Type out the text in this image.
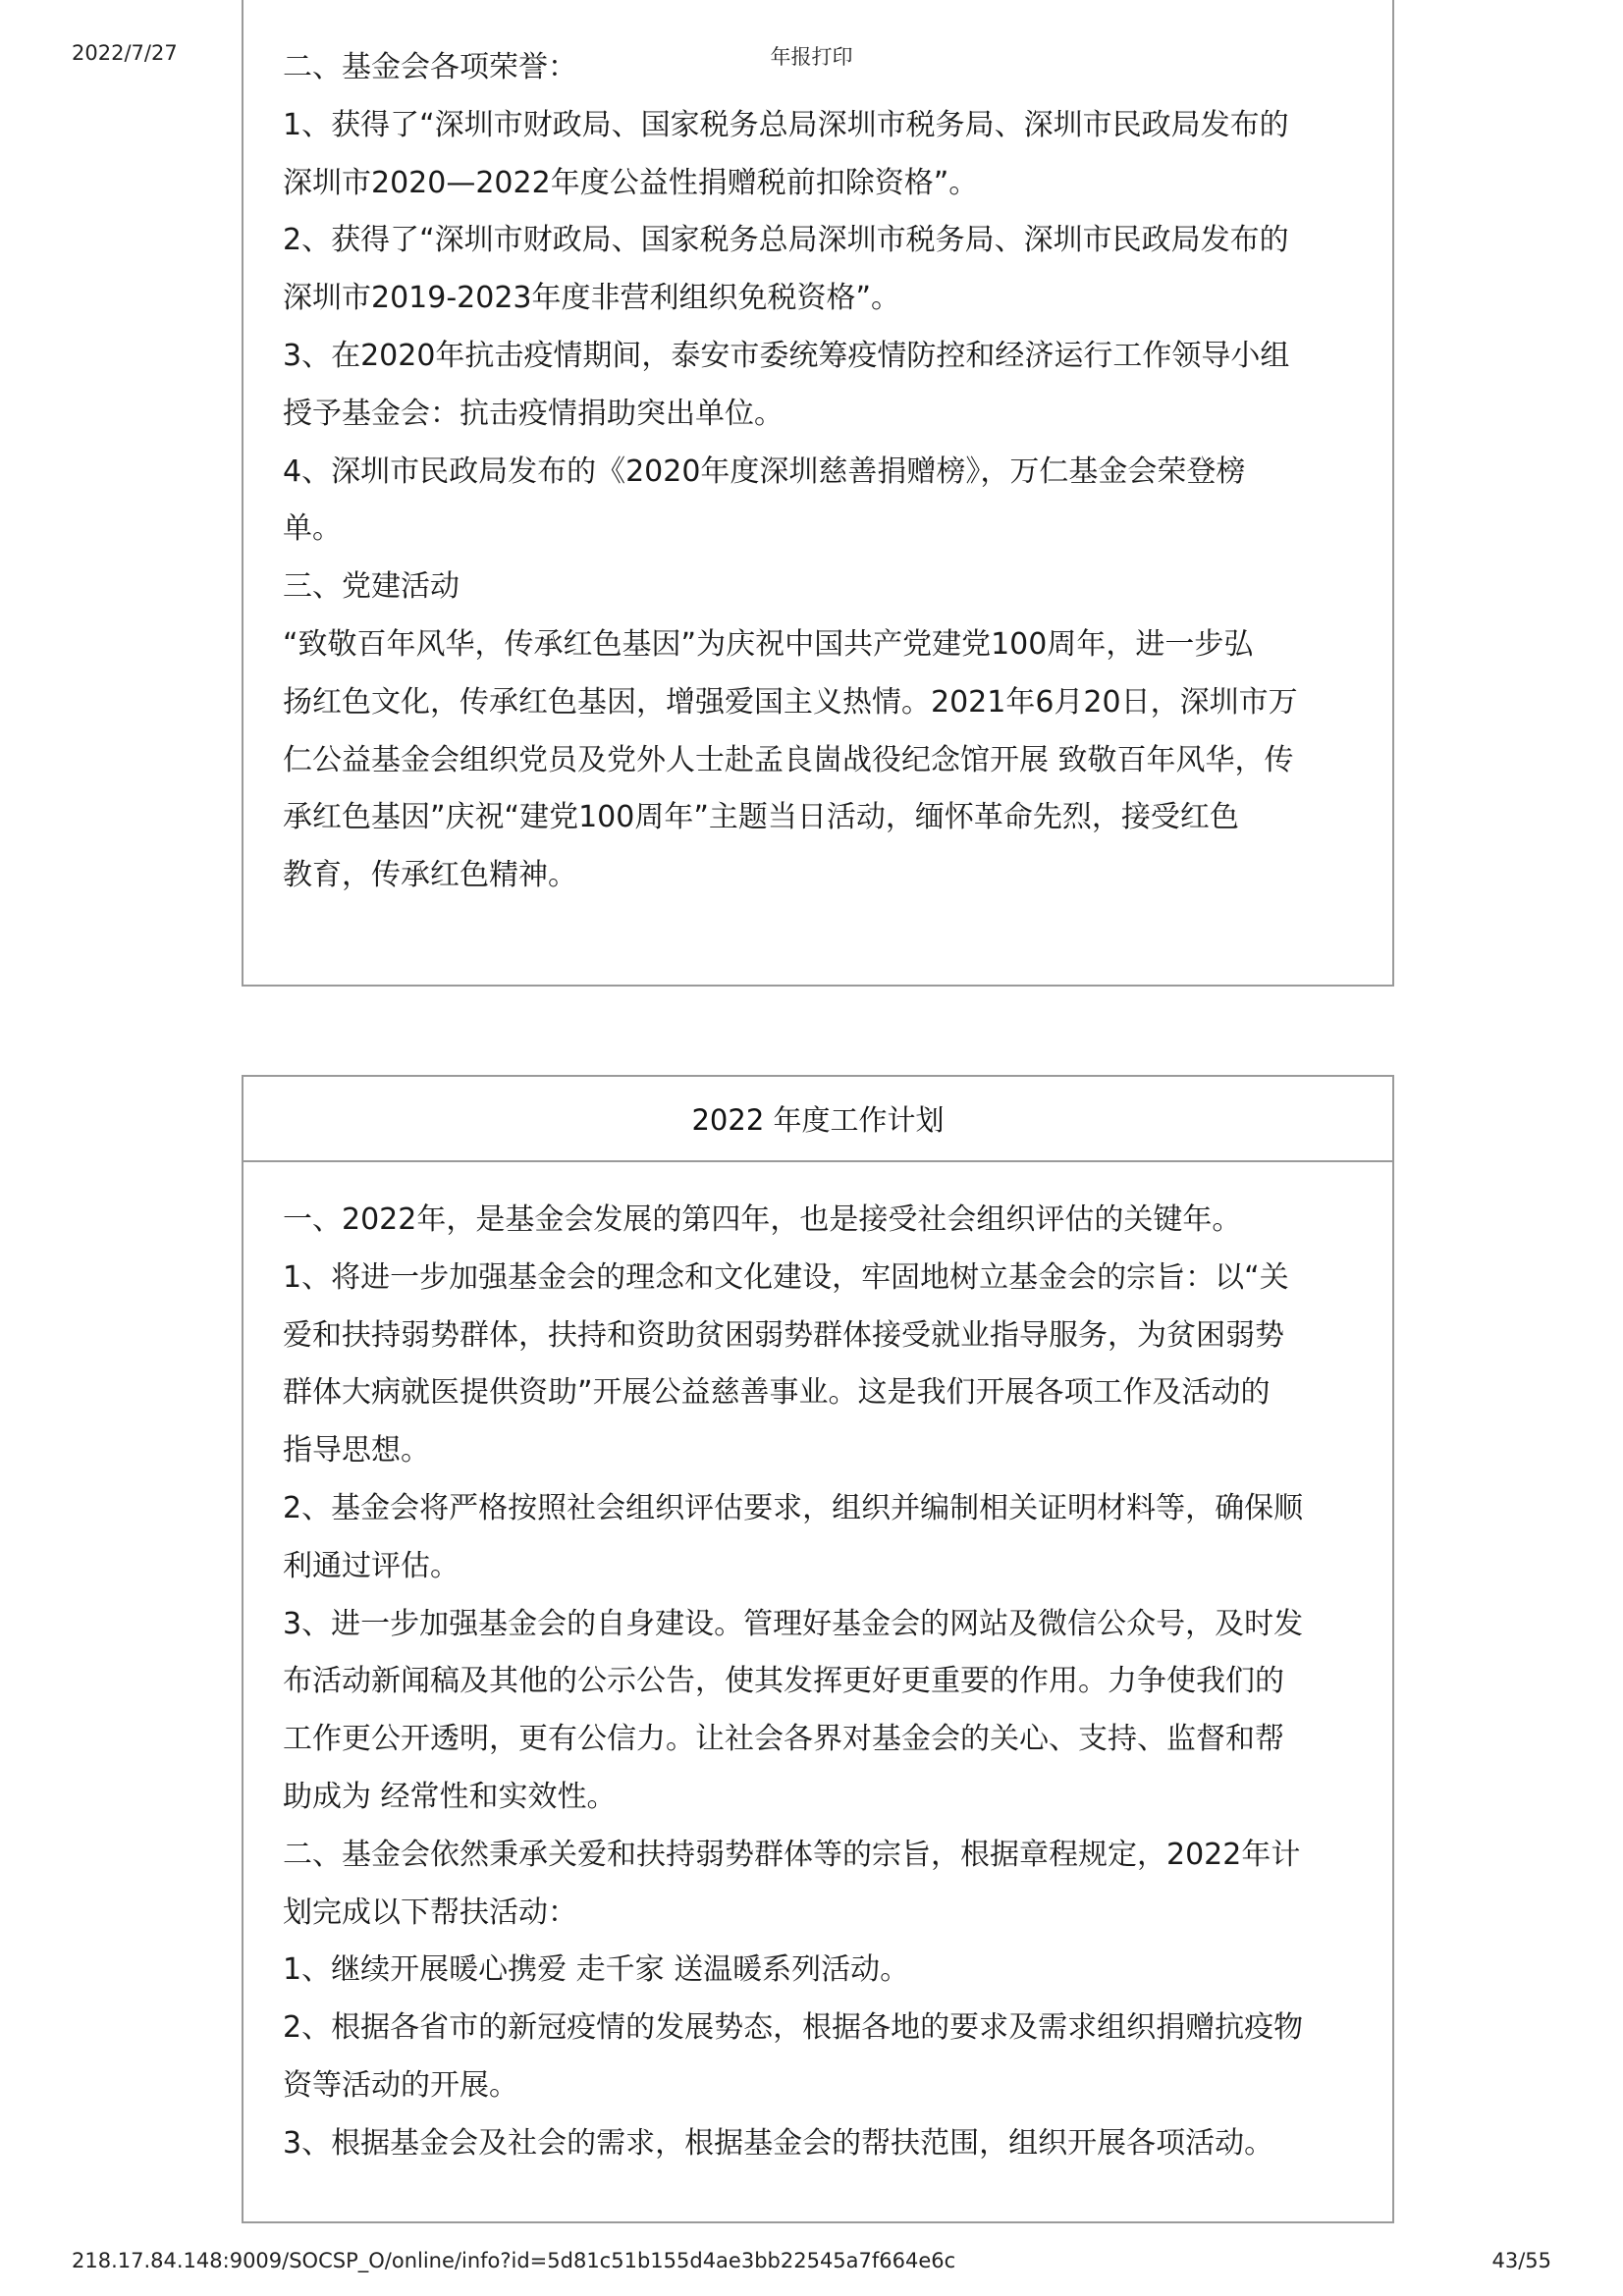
2022/7/27	年报打印

二、基金会各项荣誉：

1、获得了“深圳市财政局、国家税务总局深圳市税务局、深圳市民政局发布的

深圳市2020—2022年度公益性捐赠税前扣除资格”。

2、获得了“深圳市财政局、国家税务总局深圳市税务局、深圳市民政局发布的

深圳市2019-2023年度非营利组织免税资格”。

3、在2020年抗击疫情期间，泰安市委统筹疫情防控和经济运行工作领导小组

授予基金会：抗击疫情捐助突出单位。

4、深圳市民政局发布的《2020年度深圳慈善捐赠榜》，万仁基金会荣登榜

单。

三、党建活动

“致敬百年风华，传承红色基因”为庆祝中国共产党建党100周年，进一步弘

扬红色文化，传承红色基因，增强爱国主义热情。2021年6月20日，深圳市万

仁公益基金会组织党员及党外人士赴孟良崮战役纪念馆开展 致敬百年风华，传

承红色基因”庆祝“建党100周年”主题当日活动，缅怀革命先烈，接受红色

教育，传承红色精神。

2022 年度工作计划

一、2022年，是基金会发展的第四年，也是接受社会组织评估的关键年。

1、将进一步加强基金会的理念和文化建设，牢固地树立基金会的宗旨：以“关

爱和扶持弱势群体，扶持和资助贫困弱势群体接受就业指导服务，为贫困弱势

群体大病就医提供资助”开展公益慈善事业。这是我们开展各项工作及活动的

指导思想。

2、基金会将严格按照社会组织评估要求，组织并编制相关证明材料等，确保顺

利通过评估。

3、进一步加强基金会的自身建设。管理好基金会的网站及微信公众号，及时发

布活动新闻稿及其他的公示公告，使其发挥更好更重要的作用。力争使我们的

工作更公开透明，更有公信力。让社会各界对基金会的关心、支持、监督和帮

助成为 经常性和实效性。

二、基金会依然秉承关爱和扶持弱势群体等的宗旨，根据章程规定，2022年计

划完成以下帮扶活动：

1、继续开展暖心携爱 走千家 送温暖系列活动。

2、根据各省市的新冠疫情的发展势态，根据各地的要求及需求组织捐赠抗疫物

资等活动的开展。

3、根据基金会及社会的需求，根据基金会的帮扶范围，组织开展各项活动。

218.17.84.148:9009/SOCSP_O/online/info?id=5d81c51b155d4ae3bb22545a7f664e6c	43/55
